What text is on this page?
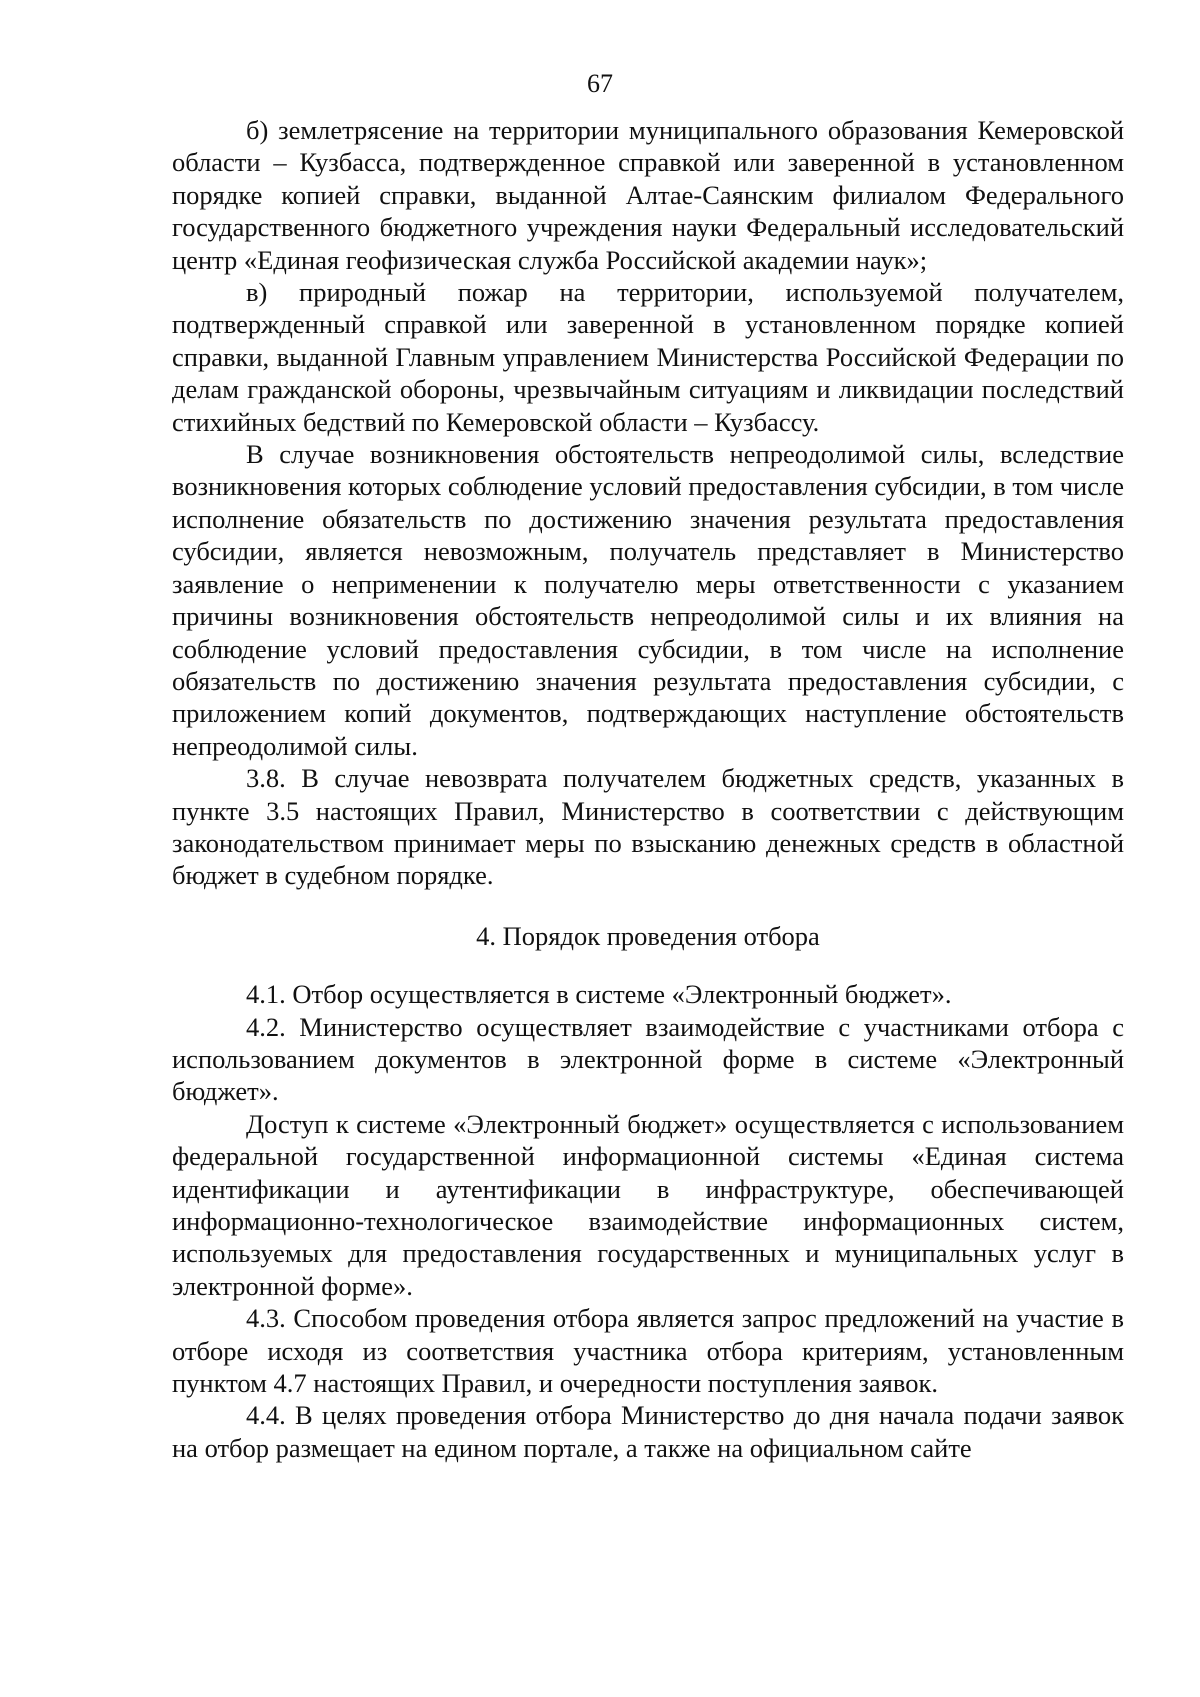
67

б) землетрясение на территории муниципального образования Кемеровской области – Кузбасса, подтвержденное справкой или заверенной в установленном порядке копией справки, выданной Алтае-Саянским филиалом Федерального государственного бюджетного учреждения науки Федеральный исследовательский центр «Единая геофизическая служба Российской академии наук»;

в) природный пожар на территории, используемой получателем, подтвержденный справкой или заверенной в установленном порядке копией справки, выданной Главным управлением Министерства Российской Федерации по делам гражданской обороны, чрезвычайным ситуациям и ликвидации последствий стихийных бедствий по Кемеровской области – Кузбассу.

В случае возникновения обстоятельств непреодолимой силы, вследствие возникновения которых соблюдение условий предоставления субсидии, в том числе исполнение обязательств по достижению значения результата предоставления субсидии, является невозможным, получатель представляет в Министерство заявление о неприменении к получателю меры ответственности с указанием причины возникновения обстоятельств непреодолимой силы и их влияния на соблюдение условий предоставления субсидии, в том числе на исполнение обязательств по достижению значения результата предоставления субсидии, с приложением копий документов, подтверждающих наступление обстоятельств непреодолимой силы.

3.8. В случае невозврата получателем бюджетных средств, указанных в пункте 3.5 настоящих Правил, Министерство в соответствии с действующим законодательством принимает меры по взысканию денежных средств в областной бюджет в судебном порядке.

4. Порядок проведения отбора

4.1. Отбор осуществляется в системе «Электронный бюджет».

4.2. Министерство осуществляет взаимодействие с участниками отбора с использованием документов в электронной форме в системе «Электронный бюджет».

Доступ к системе «Электронный бюджет» осуществляется с использованием федеральной государственной информационной системы «Единая система идентификации и аутентификации в инфраструктуре, обеспечивающей информационно-технологическое взаимодействие информационных систем, используемых для предоставления государственных и муниципальных услуг в электронной форме».

4.3. Способом проведения отбора является запрос предложений на участие в отборе исходя из соответствия участника отбора критериям, установленным пунктом 4.7 настоящих Правил, и очередности поступления заявок.

4.4. В целях проведения отбора Министерство до дня начала подачи заявок на отбор размещает на едином портале, а также на официальном сайте
